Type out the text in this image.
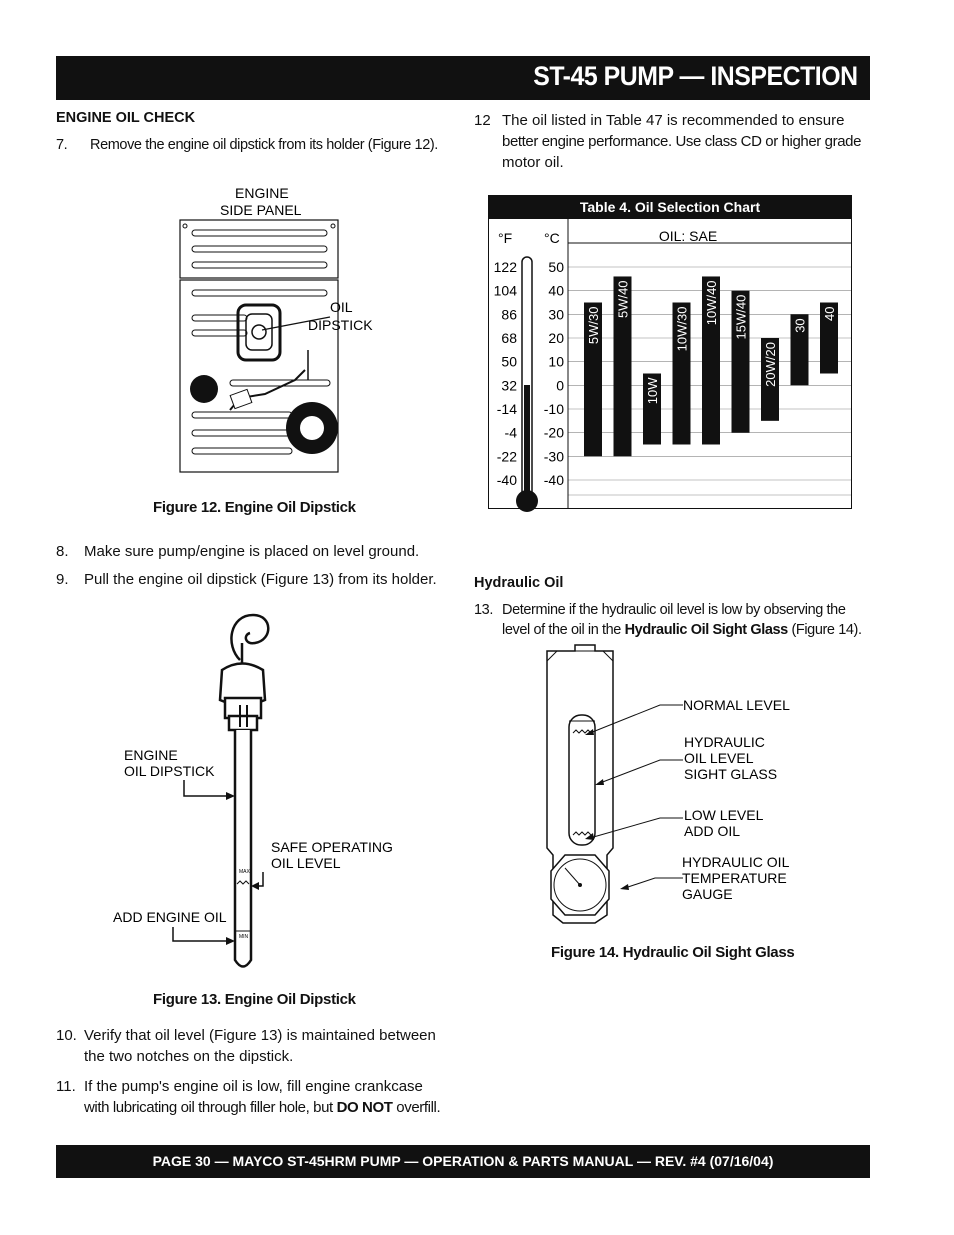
ST-45 PUMP — INSPECTION
ENGINE OIL CHECK
7. Remove the engine oil dipstick from its holder (Figure 12).
ENGINE
SIDE PANEL
OIL
DIPSTICK
Figure 12. Engine Oil Dipstick
8. Make sure pump/engine is placed on level ground.
9. Pull the engine oil dipstick (Figure 13) from its holder.
MAX
MIN
ENGINE
OIL DIPSTICK
SAFE OPERATING
OIL LEVEL
ADD ENGINE OIL
Figure 13. Engine Oil Dipstick
10. Verify that oil level (Figure 13) is maintained between
the two notches on the dipstick.
11. If the pump's engine oil is low, fill engine crankcase
with lubricating oil through filler hole, but DO NOT overfill.
12 The oil listed in Table 47 is recommended to ensure
better engine performance. Use class CD or higher grade
motor oil.
Table 4. Oil Selection Chart
OIL: SAE
°F °C
122
104
86
68
50
32
-14
-4
-22
-40
50
40
30
20
10
0
-10
-20
-30
-40
5W/30
5W/40
10W
10W/30
10W/40 15W/40
20W/20
30
40
Hydraulic Oil
13. Determine if the hydraulic oil level is low by observing the
level of the oil in the Hydraulic Oil Sight Glass (Figure 14).
NORMAL LEVEL
HYDRAULIC
OIL LEVEL
SIGHT GLASS
LOW LEVEL
ADD OIL
HYDRAULIC OIL
TEMPERATURE
GAUGE
Figure 14. Hydraulic Oil Sight Glass
PAGE 30 — MAYCO ST-45HRM PUMP — OPERATION & PARTS MANUAL — REV. #4 (07/16/04)
